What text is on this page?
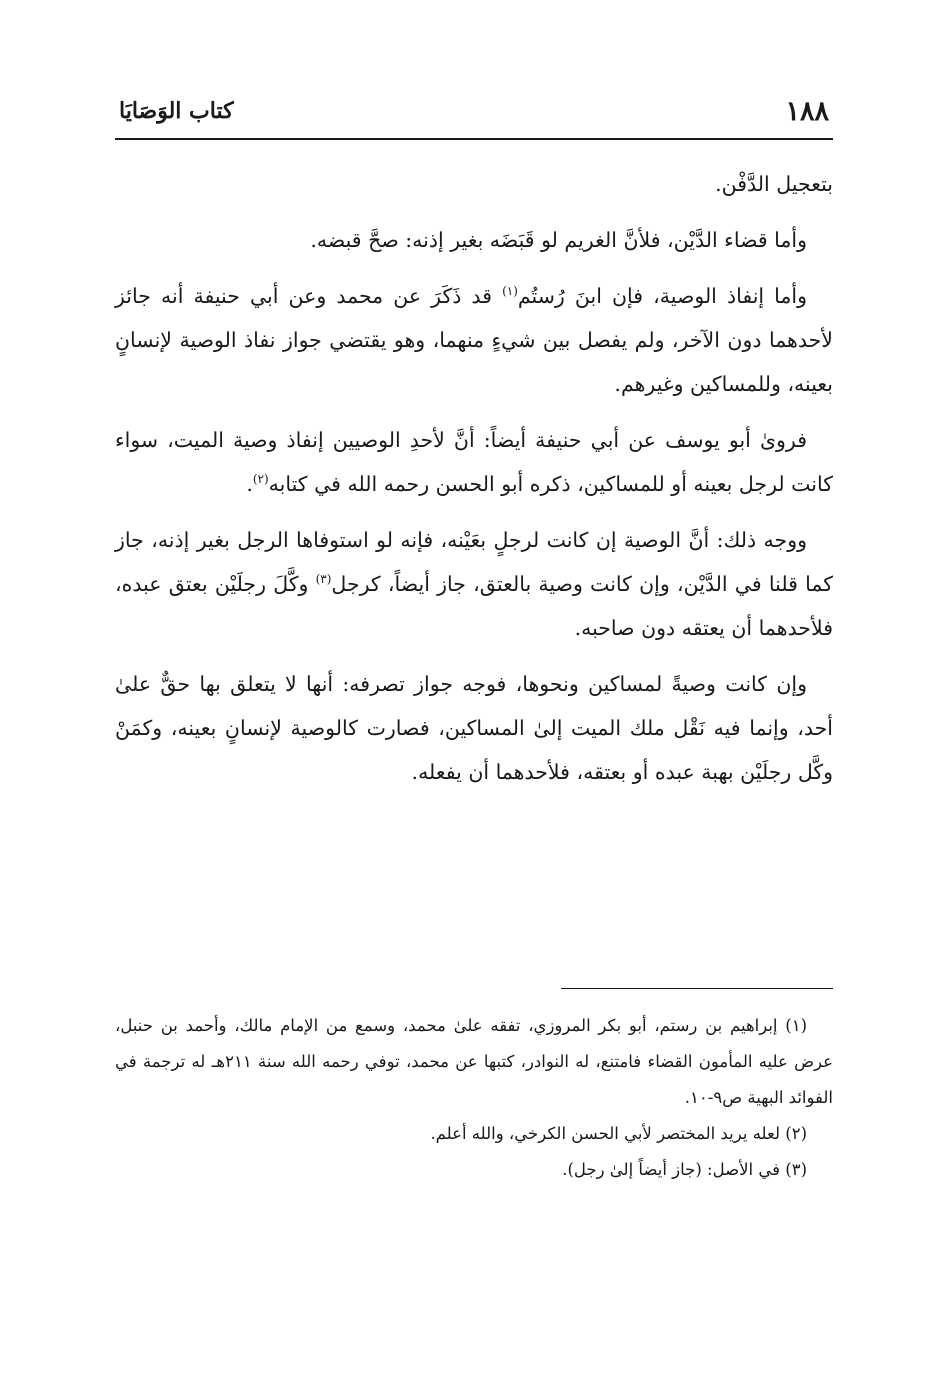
١٨٨
كتاب الوَصَايَا

بتعجيل الدَّفْن.

وأما قضاء الدَّيْن، فلأنَّ الغريم لو قَبَضَه بغير إذنه: صحَّ قبضه.

وأما إنفاذ الوصية، فإن ابنَ رُستُم$^{(١)}$ قد ذَكَرَ عن محمد وعن أبي حنيفة أنه جائز لأحدهما دون الآخر، ولم يفصل بين شيءٍ منهما، وهو يقتضي جواز نفاذ الوصية لإنسانٍ بعينه، وللمساكين وغيرهم.

فروىٰ أبو يوسف عن أبي حنيفة أيضاً: أنَّ لأحدِ الوصيين إنفاذ وصية الميت، سواء كانت لرجل بعينه أو للمساكين، ذكره أبو الحسن رحمه الله في كتابه$^{(٢)}$.

ووجه ذلك: أنَّ الوصية إن كانت لرجلٍ بعَيْنه، فإنه لو استوفاها الرجل بغير إذنه، جاز كما قلنا في الدَّيْن، وإن كانت وصية بالعتق، جاز أيضاً، كرجل$^{(٣)}$ وكَّلَ رجلَيْن بعتق عبده، فلأحدهما أن يعتقه دون صاحبه.

وإن كانت وصيةً لمساكين ونحوها، فوجه جواز تصرفه: أنها لا يتعلق بها حقٌّ علىٰ أحد، وإنما فيه نَقْل ملك الميت إلىٰ المساكين، فصارت كالوصية لإنسانٍ بعينه، وكمَنْ وكَّل رجلَيْن بهبة عبده أو بعتقه، فلأحدهما أن يفعله.

(١) إبراهيم بن رستم، أبو بكر المروزي، تفقه علىٰ محمد، وسمع من الإمام مالك، وأحمد بن حنبل، عرض عليه المأمون القضاء فامتنع، له النوادر، كتبها عن محمد، توفي رحمه الله سنة ٢١١هـ له ترجمة في الفوائد البهية ص٩-١٠.

(٢) لعله يريد المختصر لأبي الحسن الكرخي، والله أعلم.

(٣) في الأصل: (جاز أيضاً إلىٰ رجل).
